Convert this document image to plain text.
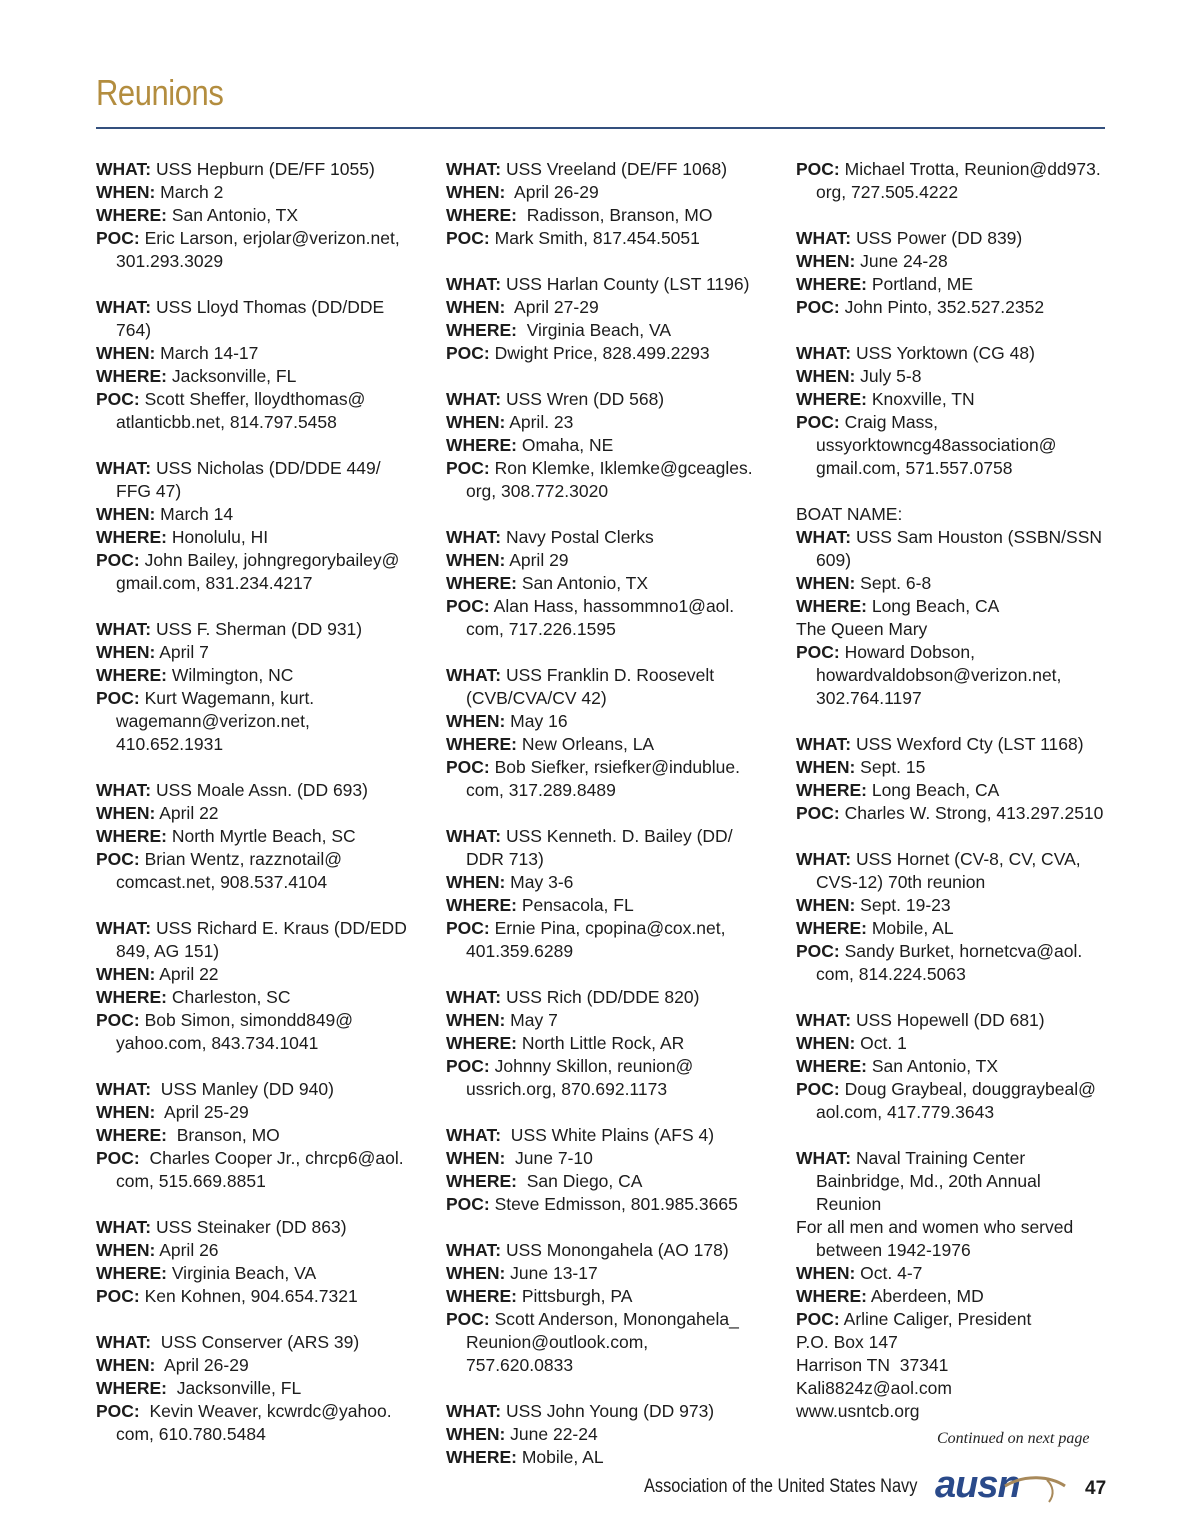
Reunions
WHAT: USS Hepburn (DE/FF 1055)
WHEN: March 2
WHERE: San Antonio, TX
POC: Eric Larson, erjolar@verizon.net,
301.293.3029
WHAT: USS Lloyd Thomas (DD/DDE
764)
WHEN: March 14-17
WHERE: Jacksonville, FL
POC: Scott Sheffer, lloydthomas@
atlanticbb.net, 814.797.5458
WHAT: USS Nicholas (DD/DDE 449/
FFG 47)
WHEN: March 14
WHERE: Honolulu, HI
POC: John Bailey, johngregorybailey@
gmail.com, 831.234.4217
WHAT: USS F. Sherman (DD 931)
WHEN: April 7
WHERE: Wilmington, NC
POC: Kurt Wagemann, kurt.
wagemann@verizon.net,
410.652.1931
WHAT: USS Moale Assn. (DD 693)
WHEN: April 22
WHERE: North Myrtle Beach, SC
POC: Brian Wentz, razznotail@
comcast.net, 908.537.4104
WHAT: USS Richard E. Kraus (DD/EDD
849, AG 151)
WHEN: April 22
WHERE: Charleston, SC
POC: Bob Simon, simondd849@
yahoo.com, 843.734.1041
WHAT:  USS Manley (DD 940)
WHEN:  April 25-29
WHERE:  Branson, MO
POC:  Charles Cooper Jr., chrcp6@aol.
com, 515.669.8851
WHAT: USS Steinaker (DD 863)
WHEN: April 26
WHERE: Virginia Beach, VA
POC: Ken Kohnen, 904.654.7321
WHAT:  USS Conserver (ARS 39)
WHEN:  April 26-29
WHERE:  Jacksonville, FL
POC:  Kevin Weaver, kcwrdc@yahoo.
com, 610.780.5484
WHAT: USS Vreeland (DE/FF 1068)
WHEN:  April 26-29
WHERE:  Radisson, Branson, MO
POC: Mark Smith, 817.454.5051
WHAT: USS Harlan County (LST 1196)
WHEN:  April 27-29
WHERE:  Virginia Beach, VA
POC: Dwight Price, 828.499.2293
WHAT: USS Wren (DD 568)
WHEN: April. 23
WHERE: Omaha, NE
POC: Ron Klemke, Iklemke@gceagles.
org, 308.772.3020
WHAT: Navy Postal Clerks
WHEN: April 29
WHERE: San Antonio, TX
POC: Alan Hass, hassommno1@aol.
com, 717.226.1595
WHAT: USS Franklin D. Roosevelt
(CVB/CVA/CV 42)
WHEN: May 16
WHERE: New Orleans, LA
POC: Bob Siefker, rsiefker@indublue.
com, 317.289.8489
WHAT: USS Kenneth. D. Bailey (DD/
DDR 713)
WHEN: May 3-6
WHERE: Pensacola, FL
POC: Ernie Pina, cpopina@cox.net,
401.359.6289
WHAT: USS Rich (DD/DDE 820)
WHEN: May 7
WHERE: North Little Rock, AR
POC: Johnny Skillon, reunion@
ussrich.org, 870.692.1173
WHAT:  USS White Plains (AFS 4)
WHEN:  June 7-10
WHERE:  San Diego, CA
POC: Steve Edmisson, 801.985.3665
WHAT: USS Monongahela (AO 178)
WHEN: June 13-17
WHERE: Pittsburgh, PA
POC: Scott Anderson, Monongahela_
Reunion@outlook.com,
757.620.0833
WHAT: USS John Young (DD 973)
WHEN: June 22-24
WHERE: Mobile, AL
POC: Michael Trotta, Reunion@dd973.
org, 727.505.4222
WHAT: USS Power (DD 839)
WHEN: June 24-28
WHERE: Portland, ME
POC: John Pinto, 352.527.2352
WHAT: USS Yorktown (CG 48)
WHEN: July 5-8
WHERE: Knoxville, TN
POC: Craig Mass,
ussyorktowncg48association@
gmail.com, 571.557.0758
BOAT NAME:
WHAT: USS Sam Houston (SSBN/SSN
609)
WHEN: Sept. 6-8
WHERE: Long Beach, CA
The Queen Mary
POC: Howard Dobson,
howardvaldobson@verizon.net,
302.764.1197
WHAT: USS Wexford Cty (LST 1168)
WHEN: Sept. 15
WHERE: Long Beach, CA
POC: Charles W. Strong, 413.297.2510
WHAT: USS Hornet (CV-8, CV, CVA,
CVS-12) 70th reunion
WHEN: Sept. 19-23
WHERE: Mobile, AL
POC: Sandy Burket, hornetcva@aol.
com, 814.224.5063
WHAT: USS Hopewell (DD 681)
WHEN: Oct. 1
WHERE: San Antonio, TX
POC: Doug Graybeal, douggraybeal@
aol.com, 417.779.3643
WHAT: Naval Training Center
Bainbridge, Md., 20th Annual
Reunion
For all men and women who served
between 1942-1976
WHEN: Oct. 4-7
WHERE: Aberdeen, MD
POC: Arline Caliger, President
P.O. Box 147
Harrison TN  37341
Kali8824z@aol.com
www.usntcb.org
Continued on next page
Association of the United States Navy ausn	47
